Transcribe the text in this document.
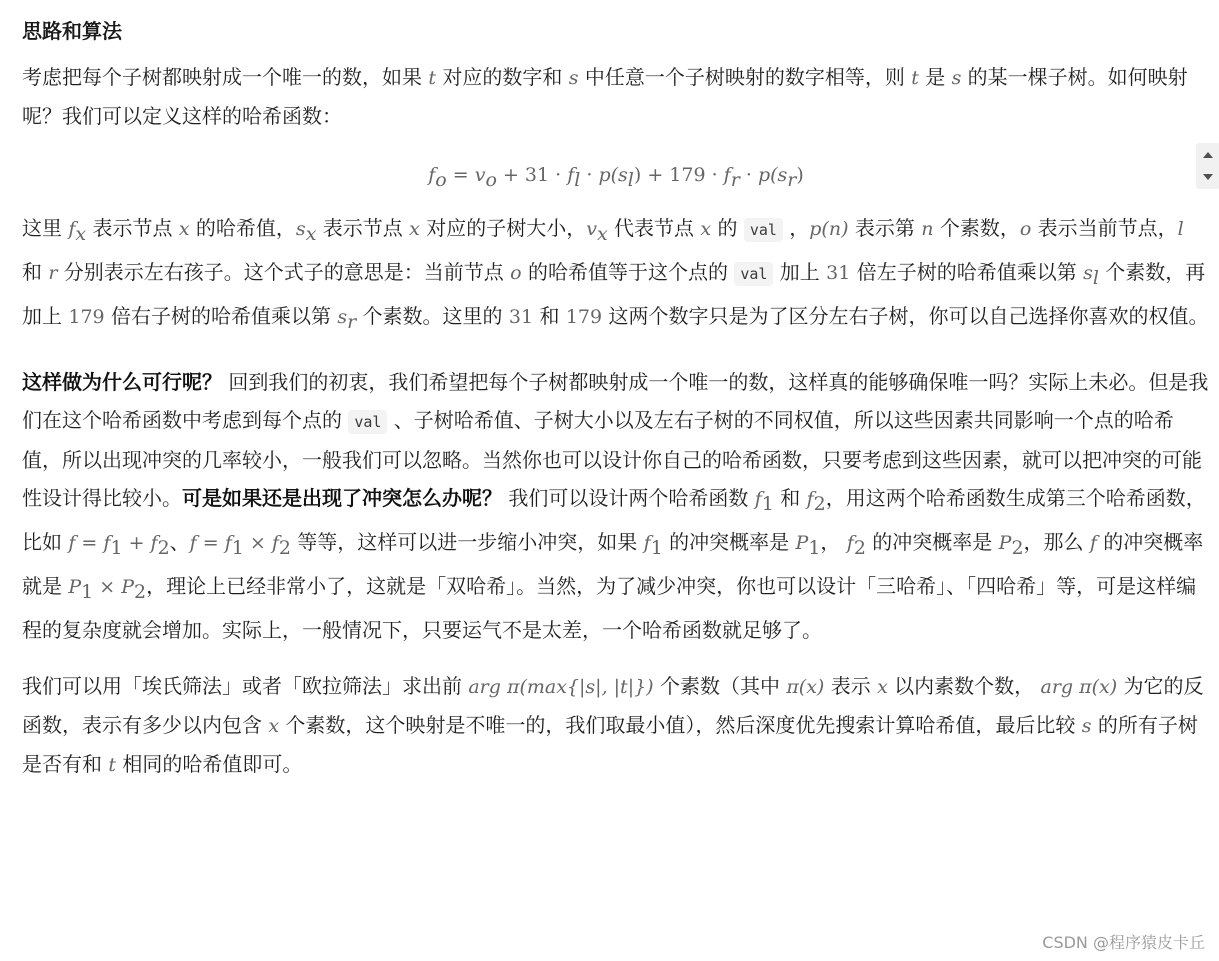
思路和算法

考虑把每个子树都映射成一个唯一的数，如果 t 对应的数字和 s 中任意一个子树映射的数字相等，则 t 是 s 的某一棵子树。如何映射呢？我们可以定义这样的哈希函数：

$f_o = v_o + 31 \cdot f_l \cdot p(s_l) + 179 \cdot f_r \cdot p(s_r)$

这里 $f_x$ 表示节点 x 的哈希值，$s_x$ 表示节点 x 对应的子树大小，$v_x$ 代表节点 x 的 val ，p(n) 表示第 n 个素数，o 表示当前节点，l 和 r 分别表示左右孩子。这个式子的意思是：当前节点 o 的哈希值等于这个点的 val 加上 31 倍左子树的哈希值乘以第 $s_l$ 个素数，再加上 179 倍右子树的哈希值乘以第 $s_r$ 个素数。这里的 31 和 179 这两个数字只是为了区分左右子树，你可以自己选择你喜欢的权值。

这样做为什么可行呢？ 回到我们的初衷，我们希望把每个子树都映射成一个唯一的数，这样真的能够确保唯一吗？实际上未必。但是我们在这个哈希函数中考虑到每个点的 val 、子树哈希值、子树大小以及左右子树的不同权值，所以这些因素共同影响一个点的哈希值，所以出现冲突的几率较小，一般我们可以忽略。当然你也可以设计你自己的哈希函数，只要考虑到这些因素，就可以把冲突的可能性设计得比较小。可是如果还是出现了冲突怎么办呢？ 我们可以设计两个哈希函数 $f_1$ 和 $f_2$，用这两个哈希函数生成第三个哈希函数，比如 $f = f_1 + f_2$、$f = f_1 \times f_2$ 等等，这样可以进一步缩小冲突，如果 $f_1$ 的冲突概率是 $P_1$， $f_2$ 的冲突概率是 $P_2$，那么 f 的冲突概率就是 $P_1 \times P_2$，理论上已经非常小了，这就是「双哈希」。当然，为了减少冲突，你也可以设计「三哈希」、「四哈希」等，可是这样编程的复杂度就会增加。实际上，一般情况下，只要运气不是太差，一个哈希函数就足够了。

我们可以用「埃氏筛法」或者「欧拉筛法」求出前 arg π(max{|s|, |t|}) 个素数（其中 π(x) 表示 x 以内素数个数， arg π(x) 为它的反函数，表示有多少以内包含 x 个素数，这个映射是不唯一的，我们取最小值），然后深度优先搜索计算哈希值，最后比较 s 的所有子树是否有和 t 相同的哈希值即可。

CSDN @程序猿皮卡丘
